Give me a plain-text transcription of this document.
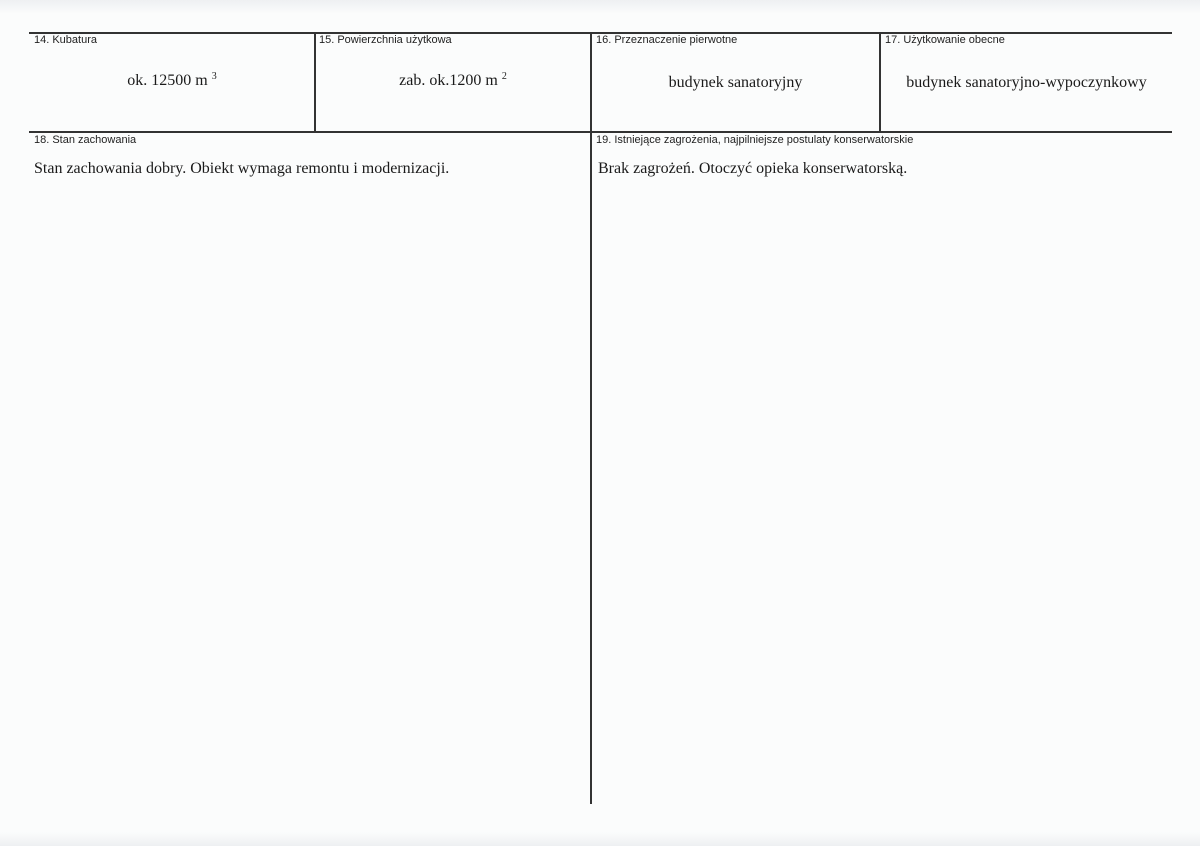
14. Kubatura
ok. 12500 m $^3$
15. Powierzchnia użytkowa
zab. ok.1200 m $^2$
16. Przeznaczenie pierwotne
budynek sanatoryjny
17. Użytkowanie obecne
budynek sanatoryjno-wypoczynkowy
18. Stan zachowania
Stan zachowania dobry. Obiekt wymaga remontu i modernizacji.
19. Istniejące zagrożenia, najpilniejsze postulaty konserwatorskie
Brak zagrożeń. Otoczyć opieka konserwatorską.
